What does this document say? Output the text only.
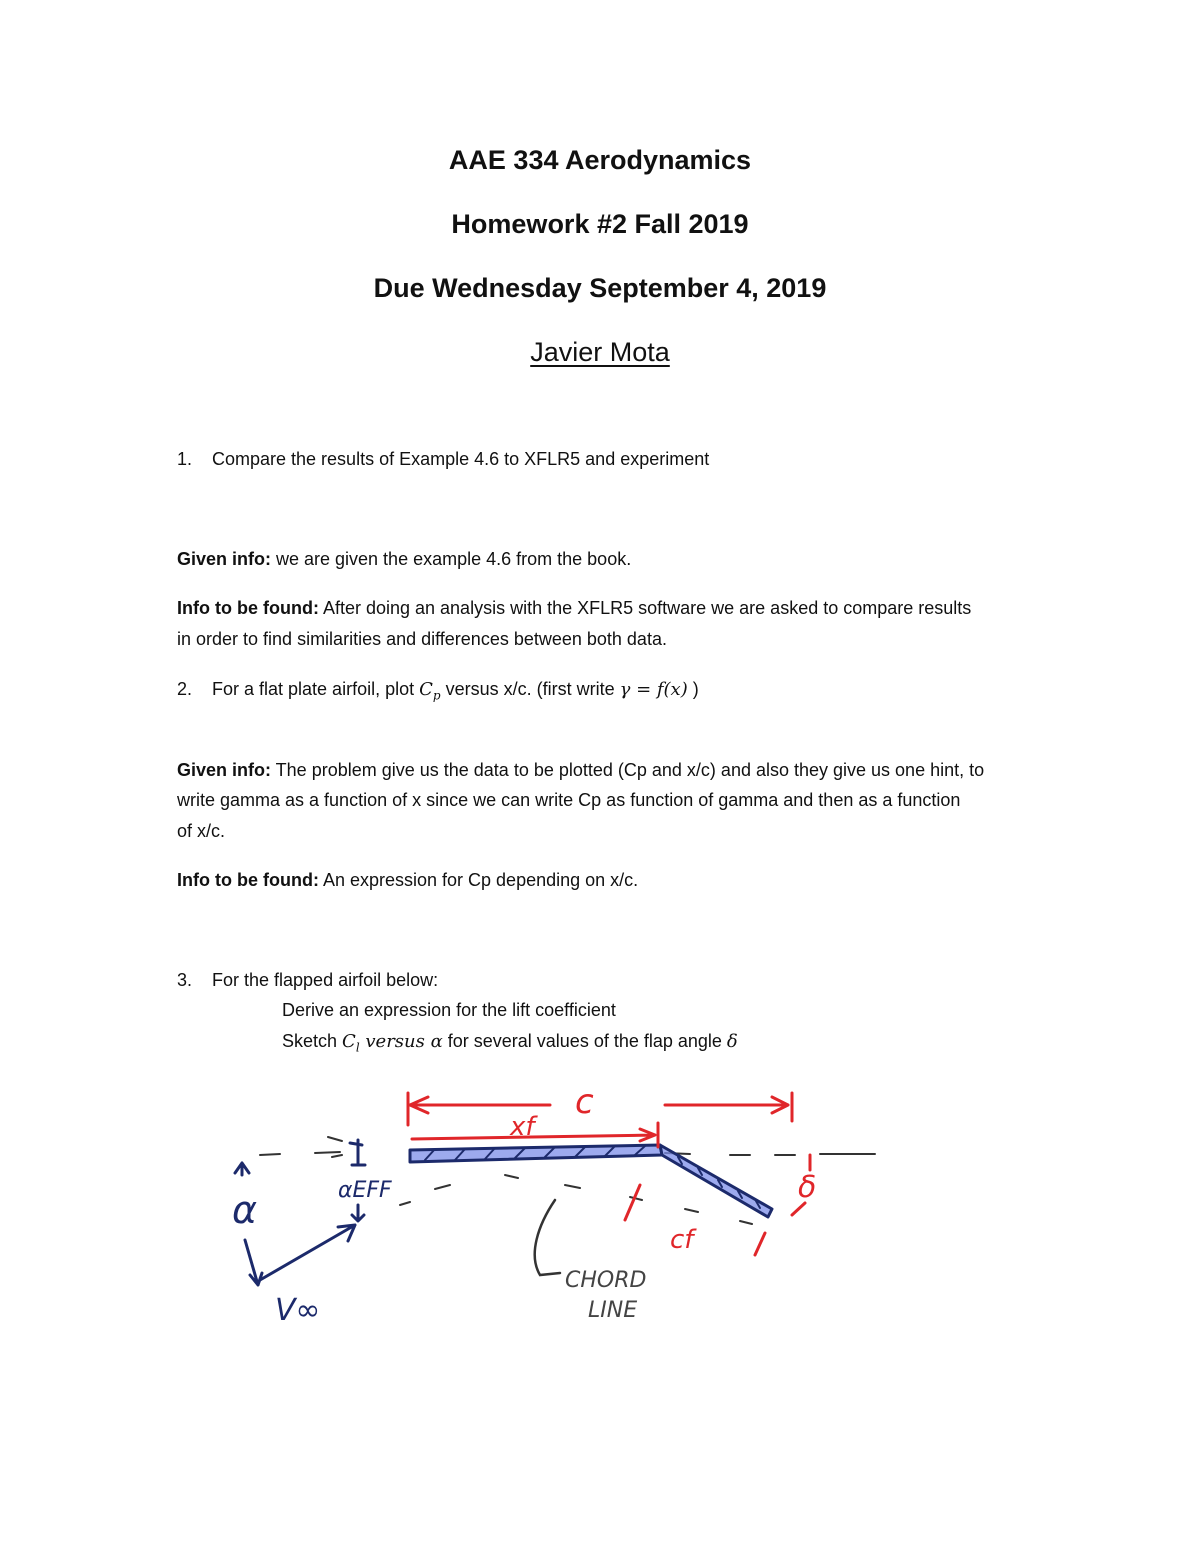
AAE 334 Aerodynamics
Homework #2 Fall 2019
Due Wednesday September 4, 2019
Javier Mota
1. Compare the results of Example 4.6 to XFLR5 and experiment
Given info: we are given the example 4.6 from the book.
Info to be found: After doing an analysis with the XFLR5 software we are asked to compare results
in order to find similarities and differences between both data.
2. For a flat plate airfoil, plot $C_p$ versus x/c. (first write γ = f(x) )
Given info: The problem give us the data to be plotted (Cp and x/c) and also they give us one hint, to
write gamma as a function of x since we can write Cp as function of gamma and then as a function
of x/c.
Info to be found: An expression for Cp depending on x/c.
3. For the flapped airfoil below:
Derive an expression for the lift coefficient
Sketch $C_l$ versus α for several values of the flap angle δ
c
xf
cf
δ
α	αEFF
V∞
CHORD
LINE
